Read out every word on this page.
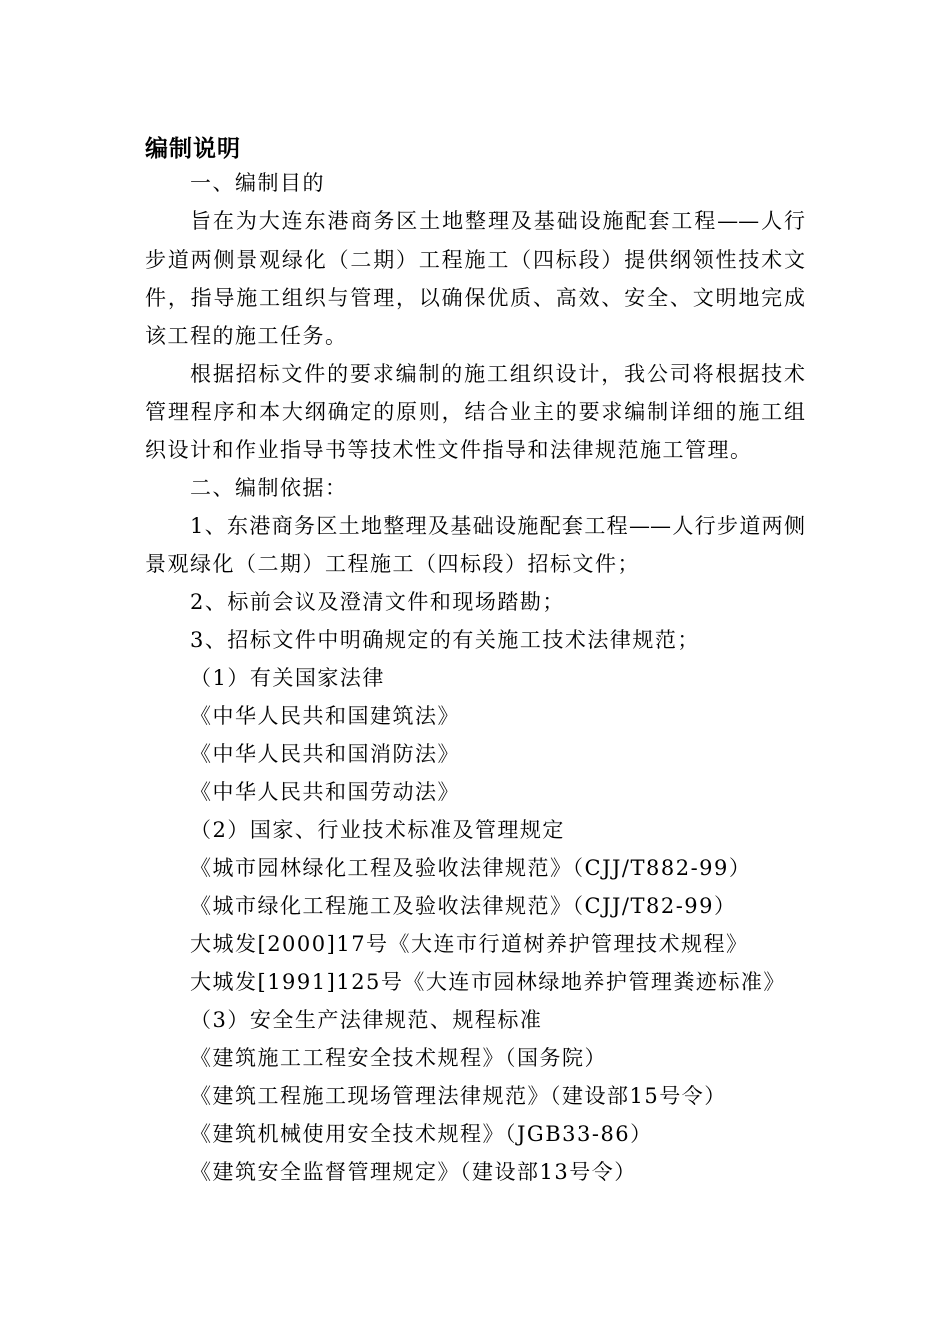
编制说明
一、编制目的
旨在为大连东港商务区土地整理及基础设施配套工程——人行
步道两侧景观绿化（二期）工程施工（四标段）提供纲领性技术文
件，指导施工组织与管理，以确保优质、高效、安全、文明地完成
该工程的施工任务。
根据招标文件的要求编制的施工组织设计，我公司将根据技术
管理程序和本大纲确定的原则，结合业主的要求编制详细的施工组
织设计和作业指导书等技术性文件指导和法律规范施工管理。
二、编制依据：
1、东港商务区土地整理及基础设施配套工程——人行步道两侧
景观绿化（二期）工程施工（四标段）招标文件；
2、标前会议及澄清文件和现场踏勘；
3、招标文件中明确规定的有关施工技术法律规范；
（1）有关国家法律
《中华人民共和国建筑法》
《中华人民共和国消防法》
《中华人民共和国劳动法》
（2）国家、行业技术标准及管理规定
《城市园林绿化工程及验收法律规范》（CJJ/T882-99）
《城市绿化工程施工及验收法律规范》（CJJ/T82-99）
大城发[2000]17号《大连市行道树养护管理技术规程》
大城发[1991]125号《大连市园林绿地养护管理粪迹标准》
（3）安全生产法律规范、规程标准
《建筑施工工程安全技术规程》（国务院）
《建筑工程施工现场管理法律规范》（建设部15号令）
《建筑机械使用安全技术规程》（JGB33-86）
《建筑安全监督管理规定》（建设部13号令）
